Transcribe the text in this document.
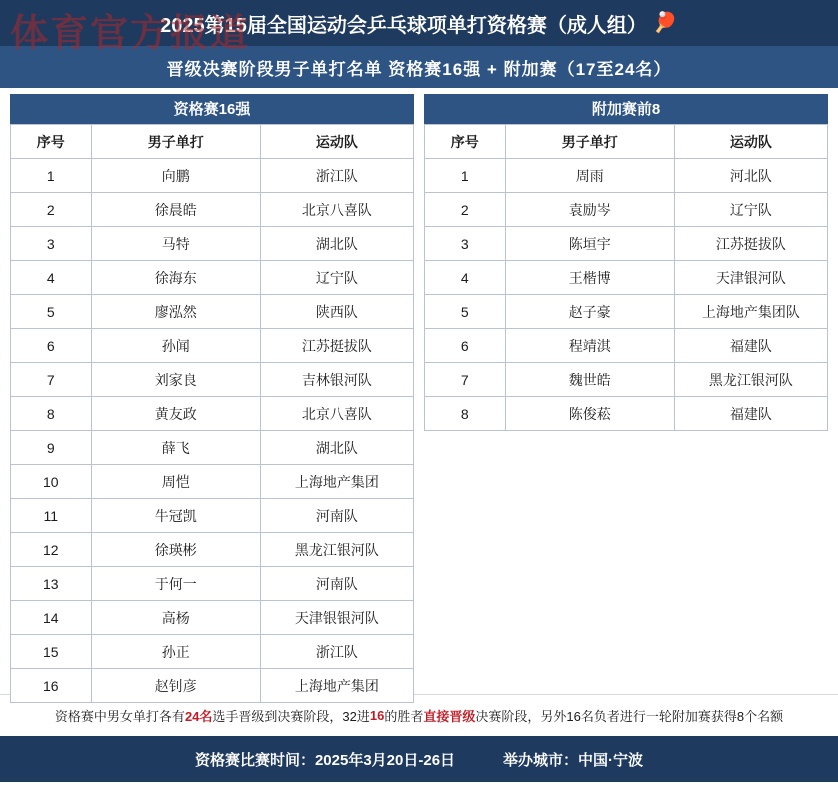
体育官方报道
2025第15届全国运动会乒乓球项单打资格赛（成人组） 🏓
晋级决赛阶段男子单打名单 资格赛16强 + 附加赛（17至24名）
资格赛16强
序号	男子单打	运动队
1	向鹏	浙江队
2	徐晨皓	北京八喜队
3	马特	湖北队
4	徐海东	辽宁队
5	廖泓然	陕西队
6	孙闻	江苏挺拔队
7	刘家良	吉林银河队
8	黄友政	北京八喜队
9	薛飞	湖北队
10	周恺	上海地产集团
11	牛冠凯	河南队
12	徐瑛彬	黑龙江银河队
13	于何一	河南队
14	高杨	天津银银河队
15	孙正	浙江队
16	赵钊彦	上海地产集团
附加赛前8
序号	男子单打	运动队
1	周雨	河北队
2	袁励岑	辽宁队
3	陈垣宇	江苏挺拔队
4	王楷博	天津银河队
5	赵子豪	上海地产集团队
6	程靖淇	福建队
7	魏世皓	黑龙江银河队
8	陈俊菘	福建队
资格赛中男女单打各有 24名 选手晋级到决赛阶段，32进 16 的胜者 直接晋级 决赛阶段，另外16名负者进行一轮附加赛获得8个名额
资格赛比赛时间：2025年3月20日-26日	举办城市：中国·宁波
